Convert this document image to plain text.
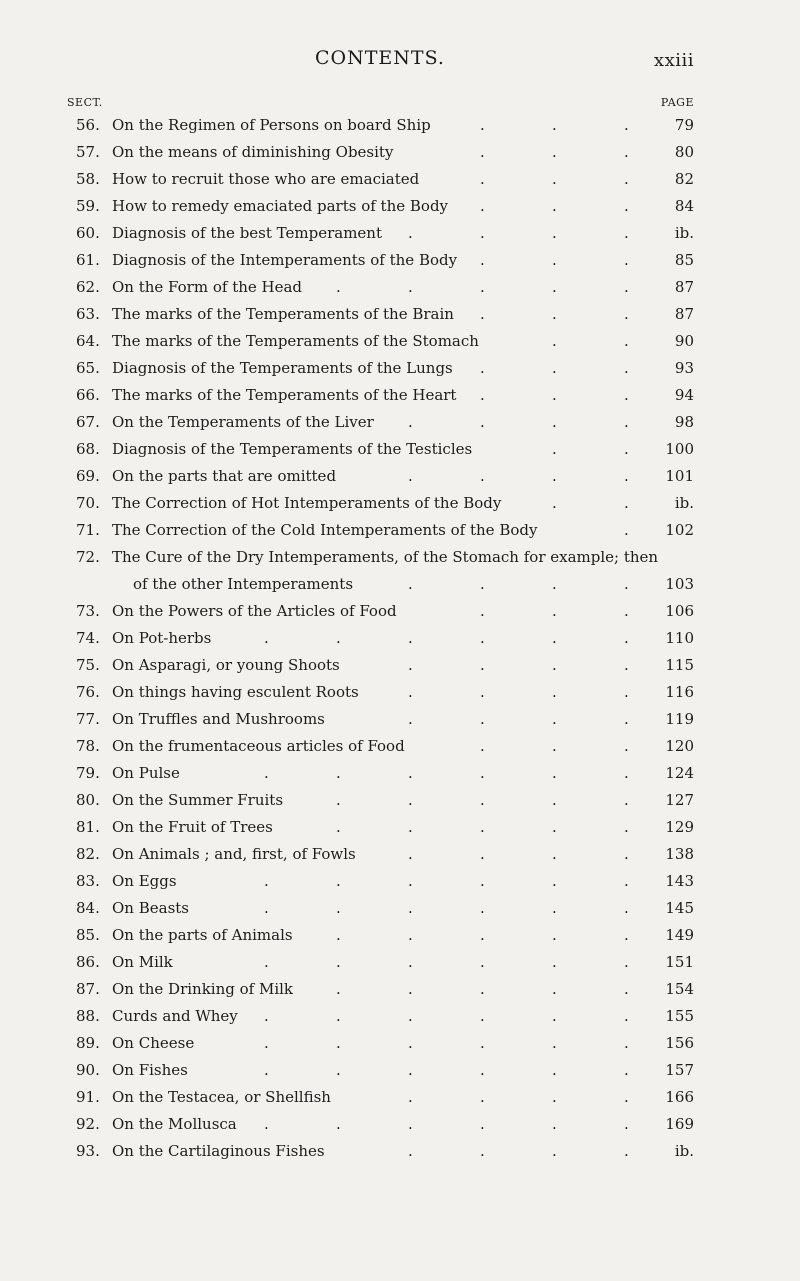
CONTENTS.	xxiii
SECT.	PAGE
56. On the Regimen of Persons on board Ship	79
.
.
.
57. On the means of diminishing Obesity	80
.
.
.
58. How to recruit those who are emaciated	82
.
.
.
59. How to remedy emaciated parts of the Body	84
.
.
.
60. Diagnosis of the best Temperament	ib.
.
.
.
.
61. Diagnosis of the Intemperaments of the Body	85
.
.
.
62. On the Form of the Head	87
.
.
.
.
.
63. The marks of the Temperaments of the Brain	87
.
.
.
64. The marks of the Temperaments of the Stomach	90
.
.
65. Diagnosis of the Temperaments of the Lungs	93
.
.
.
66. The marks of the Temperaments of the Heart	94
.
.
.
67. On the Temperaments of the Liver	98
.
.
.
.
68. Diagnosis of the Temperaments of the Testicles	100
.
.
69. On the parts that are omitted	101
.
.
.
.
70. The Correction of Hot Intemperaments of the Body	ib.
.
.
71. The Correction of the Cold Intemperaments of the Body	102
.
72. The Cure of the Dry Intemperaments, of the Stomach for example; then
of the other Intemperaments	103
.
.
.
.
73. On the Powers of the Articles of Food	106
.
.
.
74. On Pot-herbs	110
.
.
.
.
.
.
75. On Asparagi, or young Shoots	115
.
.
.
.
76. On things having esculent Roots	116
.
.
.
.
77. On Truffles and Mushrooms	119
.
.
.
.
78. On the frumentaceous articles of Food	120
.
.
.
79. On Pulse	124
.
.
.
.
.
.
80. On the Summer Fruits	127
.
.
.
.
.
81. On the Fruit of Trees	129
.
.
.
.
.
82. On Animals ; and, first, of Fowls	138
.
.
.
.
83. On Eggs	143
.
.
.
.
.
.
84. On Beasts	145
.
.
.
.
.
.
85. On the parts of Animals	149
.
.
.
.
.
86. On Milk	151
.
.
.
.
.
.
87. On the Drinking of Milk	154
.
.
.
.
.
88. Curds and Whey	155
.
.
.
.
.
.
89. On Cheese	156
.
.
.
.
.
.
90. On Fishes	157
.
.
.
.
.
.
91. On the Testacea, or Shellfish	166
.
.
.
.
92. On the Mollusca	169
.
.
.
.
.
.
93. On the Cartilaginous Fishes	ib.
.
.
.
.
